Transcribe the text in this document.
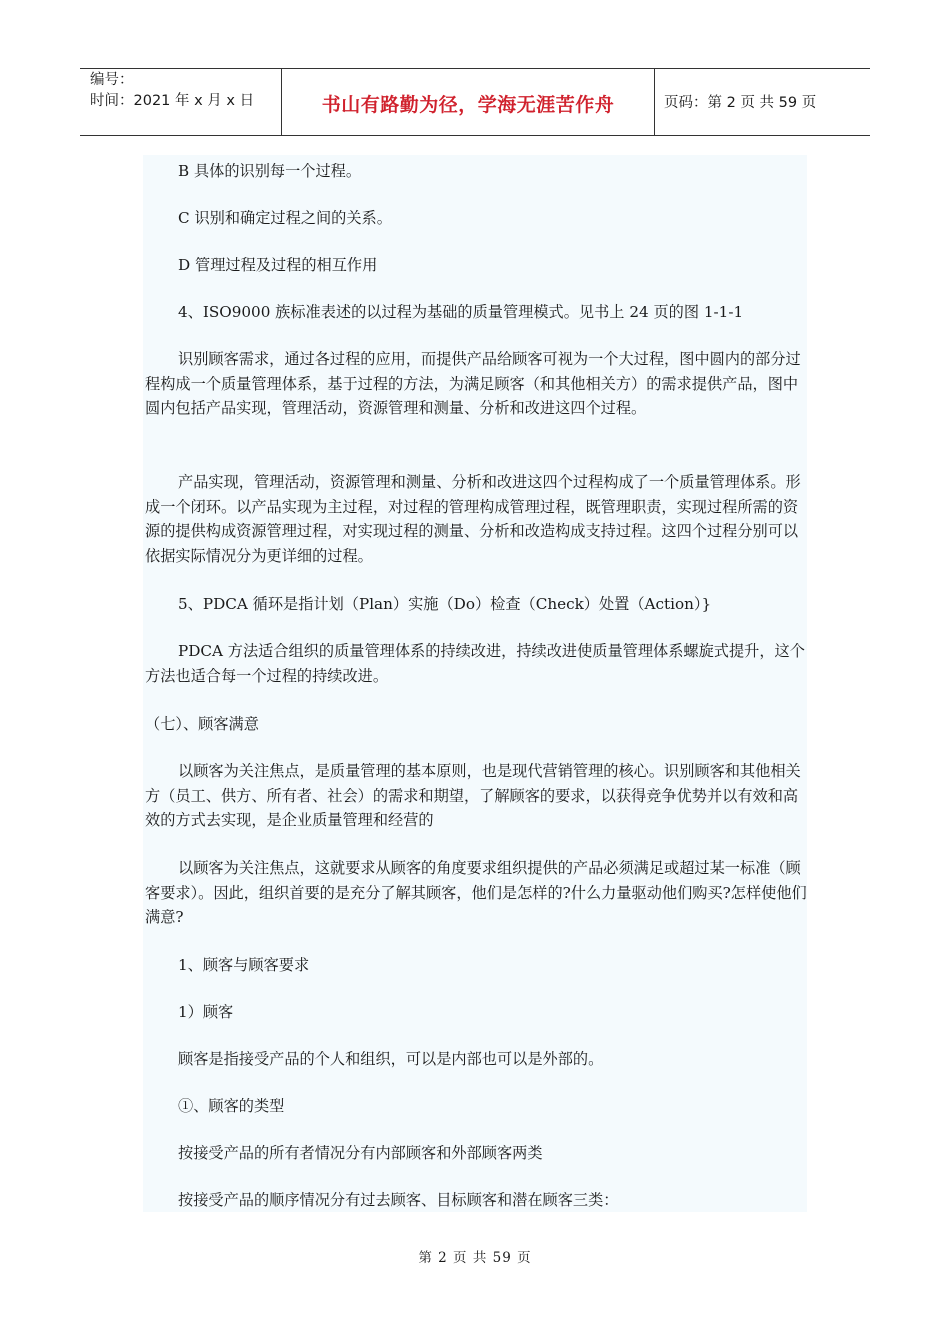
编号：
时间：2021 年 x 月 x 日	书山有路勤为径，学海无涯苦作舟	页码：第 2 页 共 59 页

B 具体的识别每一个过程。

C 识别和确定过程之间的关系。

D 管理过程及过程的相互作用

4、ISO9000 族标准表述的以过程为基础的质量管理模式。见书上 24 页的图 1-1-1

识别顾客需求，通过各过程的应用，而提供产品给顾客可视为一个大过程，图中圆内的部分过程构成一个质量管理体系，基于过程的方法，为满足顾客（和其他相关方）的需求提供产品，图中圆内包括产品实现，管理活动，资源管理和测量、分析和改进这四个过程。

产品实现，管理活动，资源管理和测量、分析和改进这四个过程构成了一个质量管理体系。形成一个闭环。以产品实现为主过程，对过程的管理构成管理过程，既管理职责，实现过程所需的资源的提供构成资源管理过程，对实现过程的测量、分析和改造构成支持过程。这四个过程分别可以依据实际情况分为更详细的过程。

5、PDCA 循环是指计划（Plan）实施（Do）检查（Check）处置（Action）}

PDCA 方法适合组织的质量管理体系的持续改进，持续改进使质量管理体系螺旋式提升，这个方法也适合每一个过程的持续改进。

（七）、顾客满意

以顾客为关注焦点，是质量管理的基本原则，也是现代营销管理的核心。识别顾客和其他相关方（员工、供方、所有者、社会）的需求和期望，了解顾客的要求，以获得竞争优势并以有效和高效的方式去实现，是企业质量管理和经营的

以顾客为关注焦点，这就要求从顾客的角度要求组织提供的产品必须满足或超过某一标准（顾客要求）。因此，组织首要的是充分了解其顾客，他们是怎样的?什么力量驱动他们购买?怎样使他们满意?

1、顾客与顾客要求

1）顾客

顾客是指接受产品的个人和组织，可以是内部也可以是外部的。

①、顾客的类型

按接受产品的所有者情况分有内部顾客和外部顾客两类

按接受产品的顺序情况分有过去顾客、目标顾客和潜在顾客三类：

第 2 页 共 59 页
